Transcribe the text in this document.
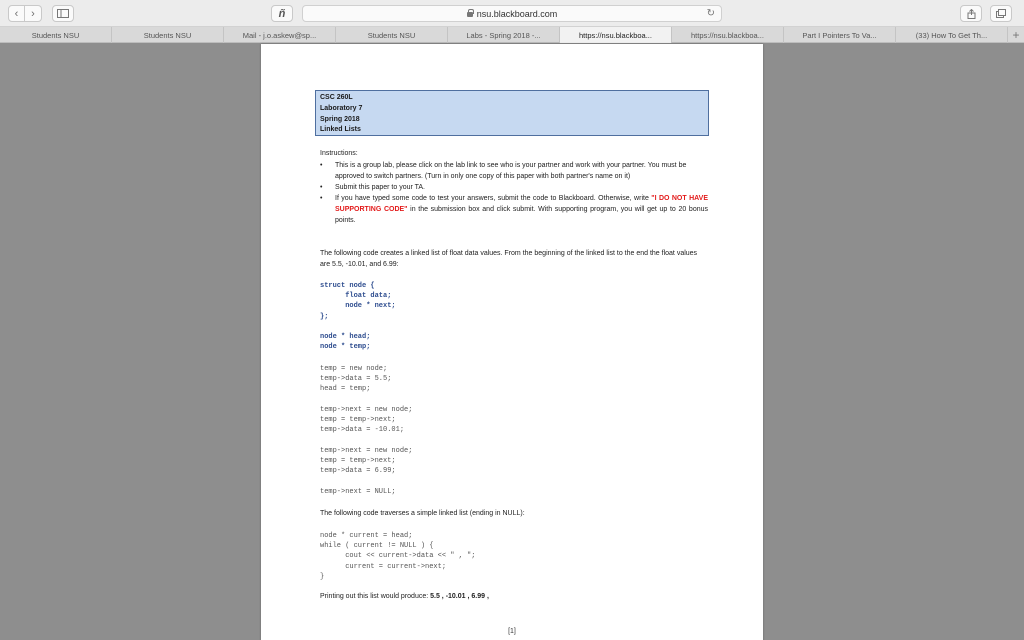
‹ ›	ñ	nsu.blackboard.com	↻
Students NSU	Students NSU	Mail - j.o.askew@sp...	Students NSU	Labs - Spring 2018 -...	https://nsu.blackboa...	https://nsu.blackboa...	Part I Pointers To Va...	(33) How To Get Th...	+
CSC 260L
Laboratory 7
Spring 2018
Linked Lists
Instructions:
• This is a group lab, please click on the lab link to see who is your partner and work with your partner. You must be approved to switch partners. (Turn in only one copy of this paper with both partner's name on it)
• Submit this paper to your TA.
• If you have typed some code to test your answers, submit the code to Blackboard. Otherwise, write "I DO NOT HAVE SUPPORTING CODE" in the submission box and click submit. With supporting program, you will get up to 20 bonus points.
The following code creates a linked list of float data values. From the beginning of the linked list to the end the float values are 5.5, -10.01, and 6.99:
struct node {
float data;
node * next;
};
node * head;
node * temp;
temp = new node;
temp->data = 5.5;
head = temp;
temp->next = new node;
temp = temp->next;
temp->data = -10.01;
temp->next = new node;
temp = temp->next;
temp->data = 6.99;
temp->next = NULL;
The following code traverses a simple linked list (ending in NULL):
node * current = head;
while ( current != NULL ) {
cout << current->data << " , ";
current = current->next;
}
Printing out this list would produce: 5.5 , -10.01 , 6.99 ,
[1]
